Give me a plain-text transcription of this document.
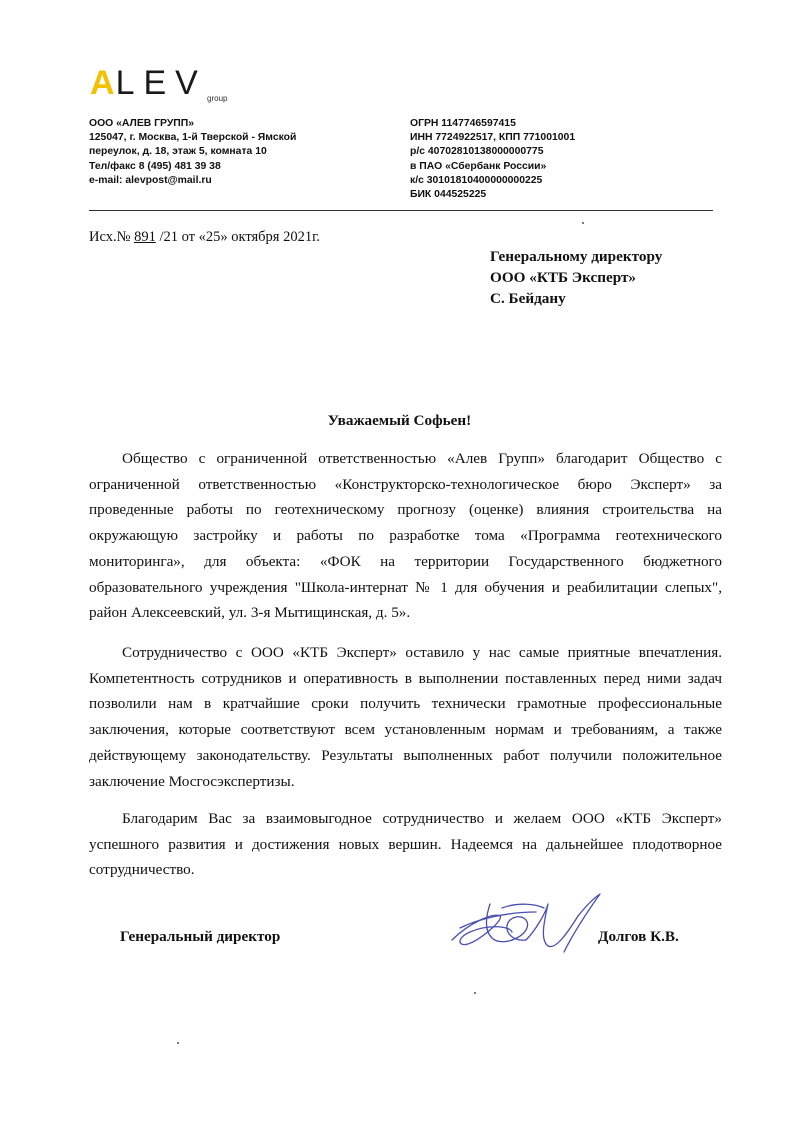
ALEV group
ООО «АЛЕВ ГРУПП»
125047, г. Москва, 1-й Тверской - Ямской
переулок, д. 18, этаж 5, комната 10
Тел/факс 8 (495) 481 39 38
e-mail: alevpost@mail.ru
ОГРН 1147746597415
ИНН 7724922517, КПП 771001001
р/с 40702810138000000775
в ПАО «Сбербанк России»
к/с 30101810400000000225
БИК 044525225
Исх.№ 891 /21 от «25» октября 2021г.
Генеральному директору
ООО «КТБ Эксперт»
С. Бейдану
Уважаемый Софьен!

Общество с ограниченной ответственностью «Алев Групп» благодарит Общество с ограниченной ответственностью «Конструкторско-технологическое бюро Эксперт» за проведенные работы по геотехническому прогнозу (оценке) влияния строительства на окружающую застройку и работы по разработке тома «Программа геотехнического мониторинга», для объекта: «ФОК на территории Государственного бюджетного образовательного учреждения "Школа-интернат № 1 для обучения и реабилитации слепых", район Алексеевский, ул. 3-я Мытищинская, д. 5».

Сотрудничество с ООО «КТБ Эксперт» оставило у нас самые приятные впечатления. Компетентность сотрудников и оперативность в выполнении поставленных перед ними задач позволили нам в кратчайшие сроки получить технически грамотные профессиональные заключения, которые соответствуют всем установленным нормам и требованиям, а также действующему законодательству. Результаты выполненных работ получили положительное заключение Мосгосэкспертизы.

Благодарим Вас за взаимовыгодное сотрудничество и желаем ООО «КТБ Эксперт» успешного развития и достижения новых вершин. Надеемся на дальнейшее плодотворное сотрудничество.

Генеральный директор	Долгов К.В.
